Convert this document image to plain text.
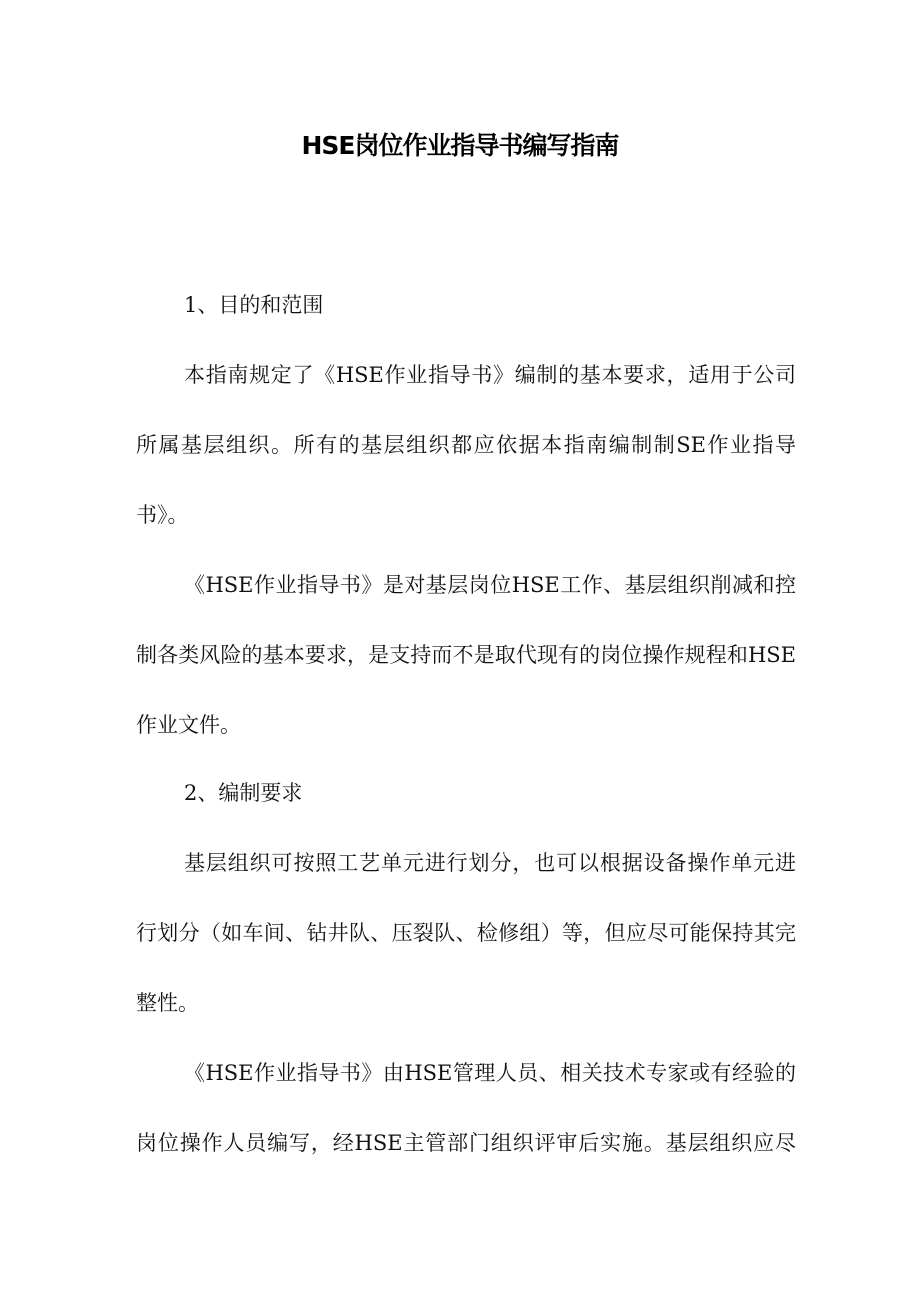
HSE岗位作业指导书编写指南
1、目的和范围
本指南规定了《HSE作业指导书》编制的基本要求，适用于公司
所属基层组织。所有的基层组织都应依据本指南编制制SE作业指导
书》。
《HSE作业指导书》是对基层岗位HSE工作、基层组织削减和控
制各类风险的基本要求，是支持而不是取代现有的岗位操作规程和HSE
作业文件。
2、编制要求
基层组织可按照工艺单元进行划分，也可以根据设备操作单元进
行划分（如车间、钻井队、压裂队、检修组）等，但应尽可能保持其完
整性。
《HSE作业指导书》由HSE管理人员、相关技术专家或有经验的
岗位操作人员编写，经HSE主管部门组织评审后实施。基层组织应尽
